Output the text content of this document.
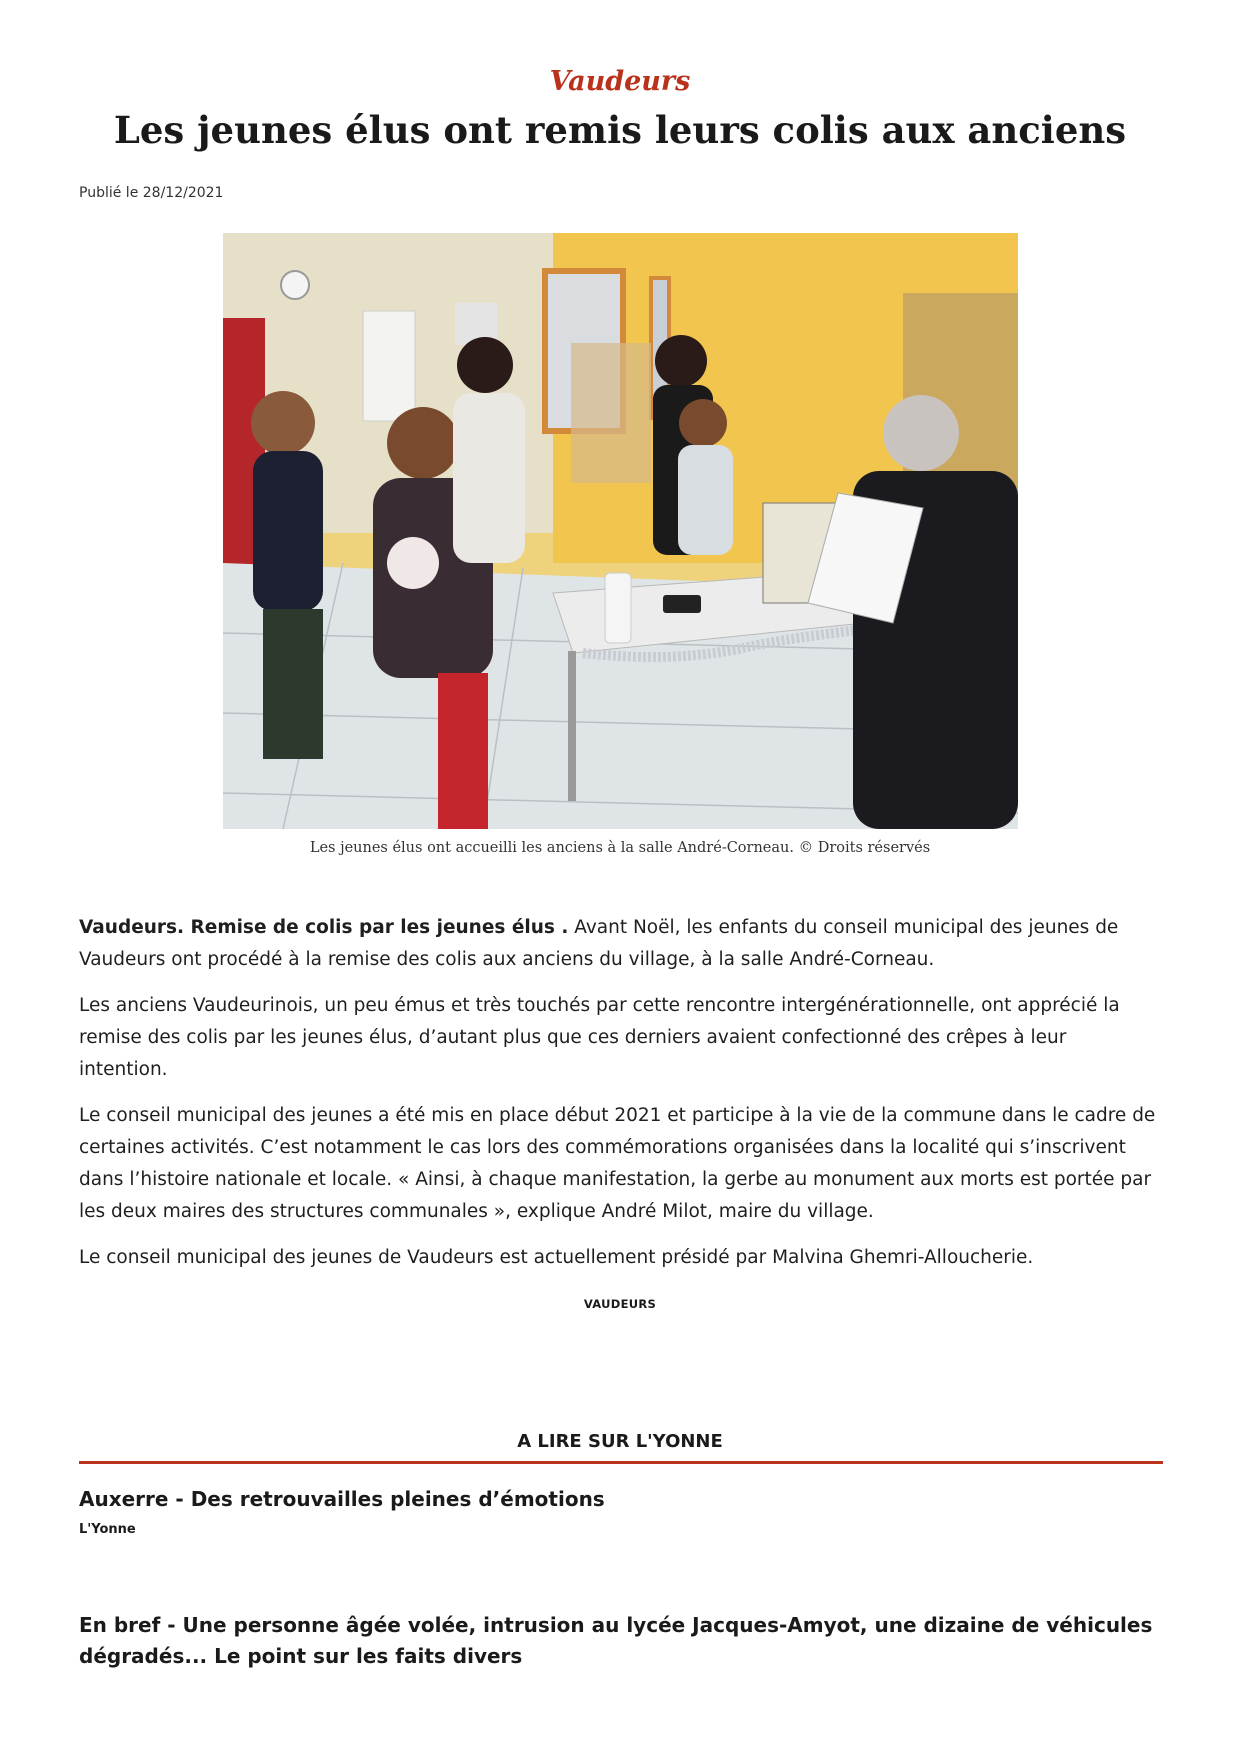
Vaudeurs
Les jeunes élus ont remis leurs colis aux anciens
Publié le 28/12/2021
Les jeunes élus ont accueilli les anciens à la salle André-Corneau. © Droits réservés

Vaudeurs. Remise de colis par les jeunes élus . Avant Noël, les enfants du conseil municipal des jeunes de Vaudeurs ont procédé à la remise des colis aux anciens du village, à la salle André-Corneau.

Les anciens Vaudeurinois, un peu émus et très touchés par cette rencontre intergénérationnelle, ont apprécié la remise des colis par les jeunes élus, d’autant plus que ces derniers avaient confectionné des crêpes à leur intention.

Le conseil municipal des jeunes a été mis en place début 2021 et participe à la vie de la commune dans le cadre de certaines activités. C’est notamment le cas lors des commémorations organisées dans la localité qui s’inscrivent dans l’histoire nationale et locale. « Ainsi, à chaque manifestation, la gerbe au monument aux morts est portée par les deux maires des structures communales », explique André Milot, maire du village.

Le conseil municipal des jeunes de Vaudeurs est actuellement présidé par Malvina Ghemri-Alloucherie.

VAUDEURS
A LIRE SUR L'YONNE
Auxerre - Des retrouvailles pleines d’émotions
L'Yonne
En bref - Une personne âgée volée, intrusion au lycée Jacques-Amyot, une dizaine de véhicules dégradés... Le point sur les faits divers
